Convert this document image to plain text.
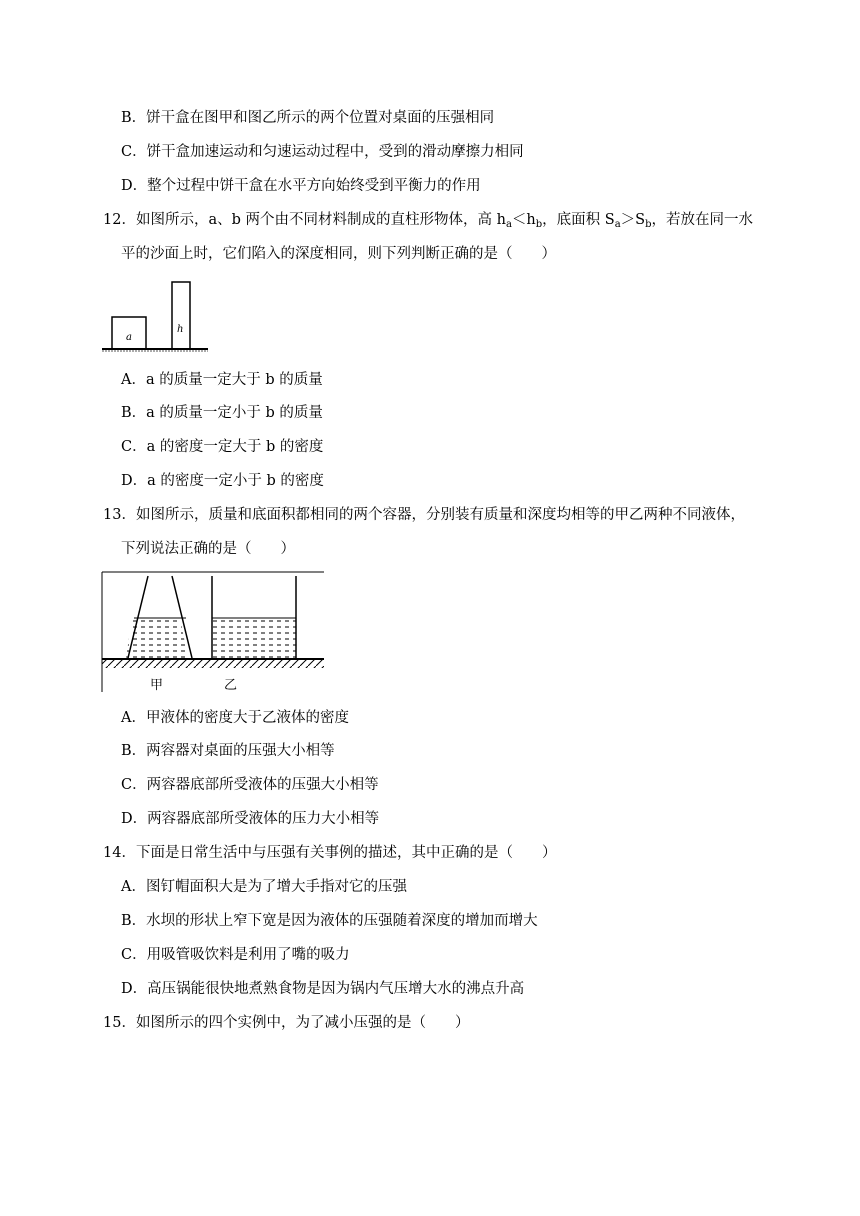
B．饼干盒在图甲和图乙所示的两个位置对桌面的压强相同
C．饼干盒加速运动和匀速运动过程中，受到的滑动摩擦力相同
D．整个过程中饼干盒在水平方向始终受到平衡力的作用
12．如图所示，a、b 两个由不同材料制成的直柱形物体，高 $h_a<h_b$，底面积 $S_a>S_b$，若放在同一水
平的沙面上时，它们陷入的深度相同，则下列判断正确的是（　　）
a
h
A．a 的质量一定大于 b 的质量
B．a 的质量一定小于 b 的质量
C．a 的密度一定大于 b 的密度
D．a 的密度一定小于 b 的密度
13．如图所示，质量和底面积都相同的两个容器，分别装有质量和深度均相等的甲乙两种不同液体，
下列说法正确的是（　　）
甲	乙
A．甲液体的密度大于乙液体的密度
B．两容器对桌面的压强大小相等
C．两容器底部所受液体的压强大小相等
D．两容器底部所受液体的压力大小相等
14．下面是日常生活中与压强有关事例的描述，其中正确的是（　　）
A．图钉帽面积大是为了增大手指对它的压强
B．水坝的形状上窄下宽是因为液体的压强随着深度的增加而增大
C．用吸管吸饮料是利用了嘴的吸力
D．高压锅能很快地煮熟食物是因为锅内气压增大水的沸点升高
15．如图所示的四个实例中，为了减小压强的是（　　）
